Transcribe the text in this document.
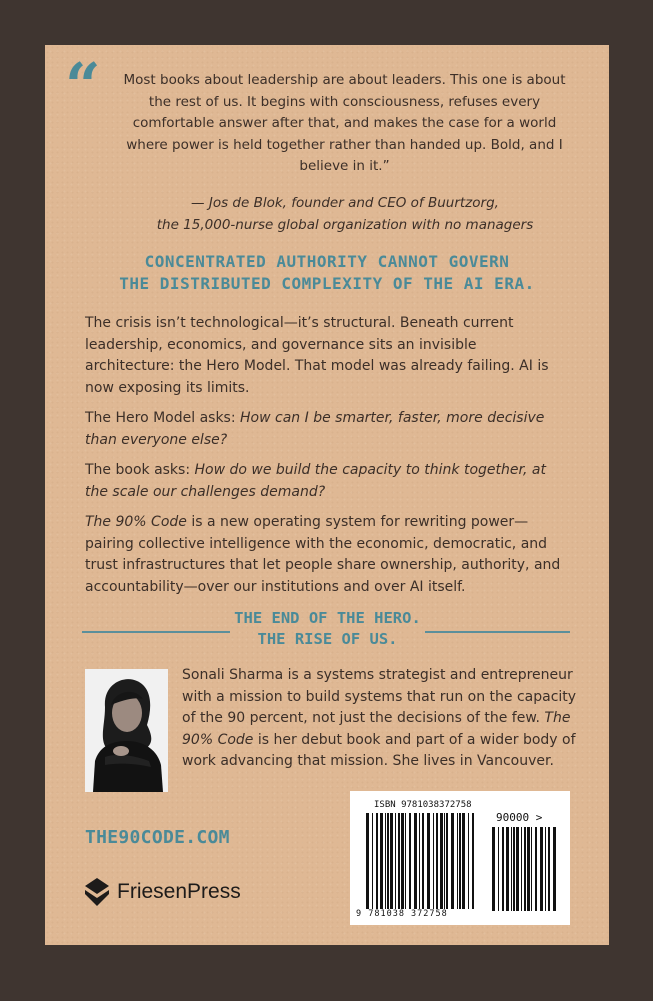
“	Most books about leadership are about leaders. This one is about the rest of us. It begins with consciousness, refuses every comfortable answer after that, and makes the case for a world where power is held together rather than handed up. Bold, and I believe in it.”
— Jos de Blok, founder and CEO of Buurtzorg,
the 15,000-nurse global organization with no managers
CONCENTRATED AUTHORITY CANNOT GOVERN
THE DISTRIBUTED COMPLEXITY OF THE AI ERA.

The crisis isn’t technological—it’s structural. Beneath current leadership, economics, and governance sits an invisible architecture: the Hero Model. That model was already failing. AI is now exposing its limits.

The Hero Model asks: How can I be smarter, faster, more decisive than everyone else?

The book asks: How do we build the capacity to think together, at the scale our challenges demand?

The 90% Code is a new operating system for rewriting power—pairing collective intelligence with the economic, democratic, and trust infrastructures that let people share ownership, authority, and accountability—over our institutions and over AI itself.

THE END OF THE HERO.
THE RISE OF US.
Sonali Sharma is a systems strategist and entrepreneur with a mission to build systems that run on the capacity of the 90 percent, not just the decisions of the few. The 90% Code is her debut book and part of a wider body of work advancing that mission. She lives in Vancouver.
THE90CODE.COM
FriesenPress
ISBN 9781038372758
90000 >
9 781038 372758
